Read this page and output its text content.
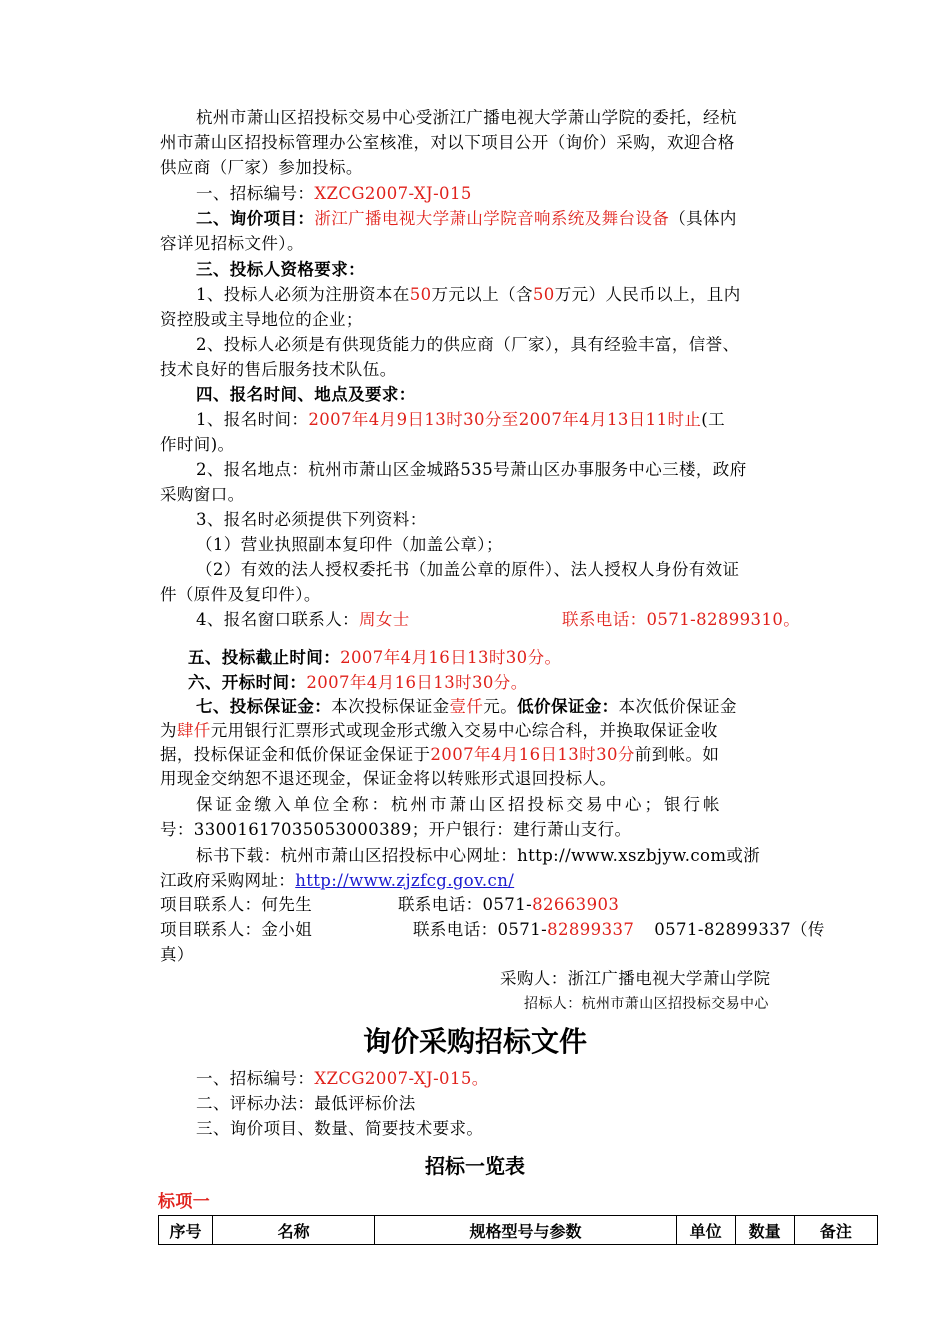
杭州市萧山区招投标交易中心受浙江广播电视大学萧山学院的委托，经杭
州市萧山区招投标管理办公室核准，对以下项目公开（询价）采购，欢迎合格
供应商（厂家）参加投标。
一、招标编号：XZCG2007-XJ-015
二、询价项目：浙江广播电视大学萧山学院音响系统及舞台设备（具体内
容详见招标文件）。
三、投标人资格要求：
1、投标人必须为注册资本在50万元以上（含50万元）人民币以上，且内
资控股或主导地位的企业；
2、投标人必须是有供现货能力的供应商（厂家），具有经验丰富，信誉、
技术良好的售后服务技术队伍。
四、报名时间、地点及要求：
1、报名时间：2007年4月9日13时30分至2007年4月13日11时止(工
作时间)。
2、报名地点：杭州市萧山区金城路535号萧山区办事服务中心三楼，政府
采购窗口。
3、报名时必须提供下列资料：
（1）营业执照副本复印件（加盖公章）；
（2）有效的法人授权委托书（加盖公章的原件）、法人授权人身份有效证
件（原件及复印件）。
4、报名窗口联系人：周女士	联系电话：0571-82899310。
五、投标截止时间：2007年4月16日13时30分。
六、开标时间：2007年4月16日13时30分。
七、投标保证金：本次投标保证金壹仟元。低价保证金：本次低价保证金
为肆仟元用银行汇票形式或现金形式缴入交易中心综合科，并换取保证金收
据，投标保证金和低价保证金保证于2007年4月16日13时30分前到帐。如
用现金交纳恕不退还现金，保证金将以转账形式退回投标人。
保证金缴入单位全称：杭州市萧山区招投标交易中心；银行帐
号：33001617035053000389；开户银行：建行萧山支行。
标书下载：杭州市萧山区招投标中心网址：http://www.xszbjyw.com或浙
江政府采购网址：http://www.zjzfcg.gov.cn/
项目联系人：何先生	联系电话：0571-82663903
项目联系人：金小姐	联系电话：0571-82899337 0571-82899337（传
真）
采购人：浙江广播电视大学萧山学院
招标人：杭州市萧山区招投标交易中心
询价采购招标文件
一、招标编号：XZCG2007-XJ-015。
二、评标办法：最低评标价法
三、询价项目、数量、简要技术要求。
招标一览表
标项一
序号	名称	规格型号与参数	单位	数量	备注
